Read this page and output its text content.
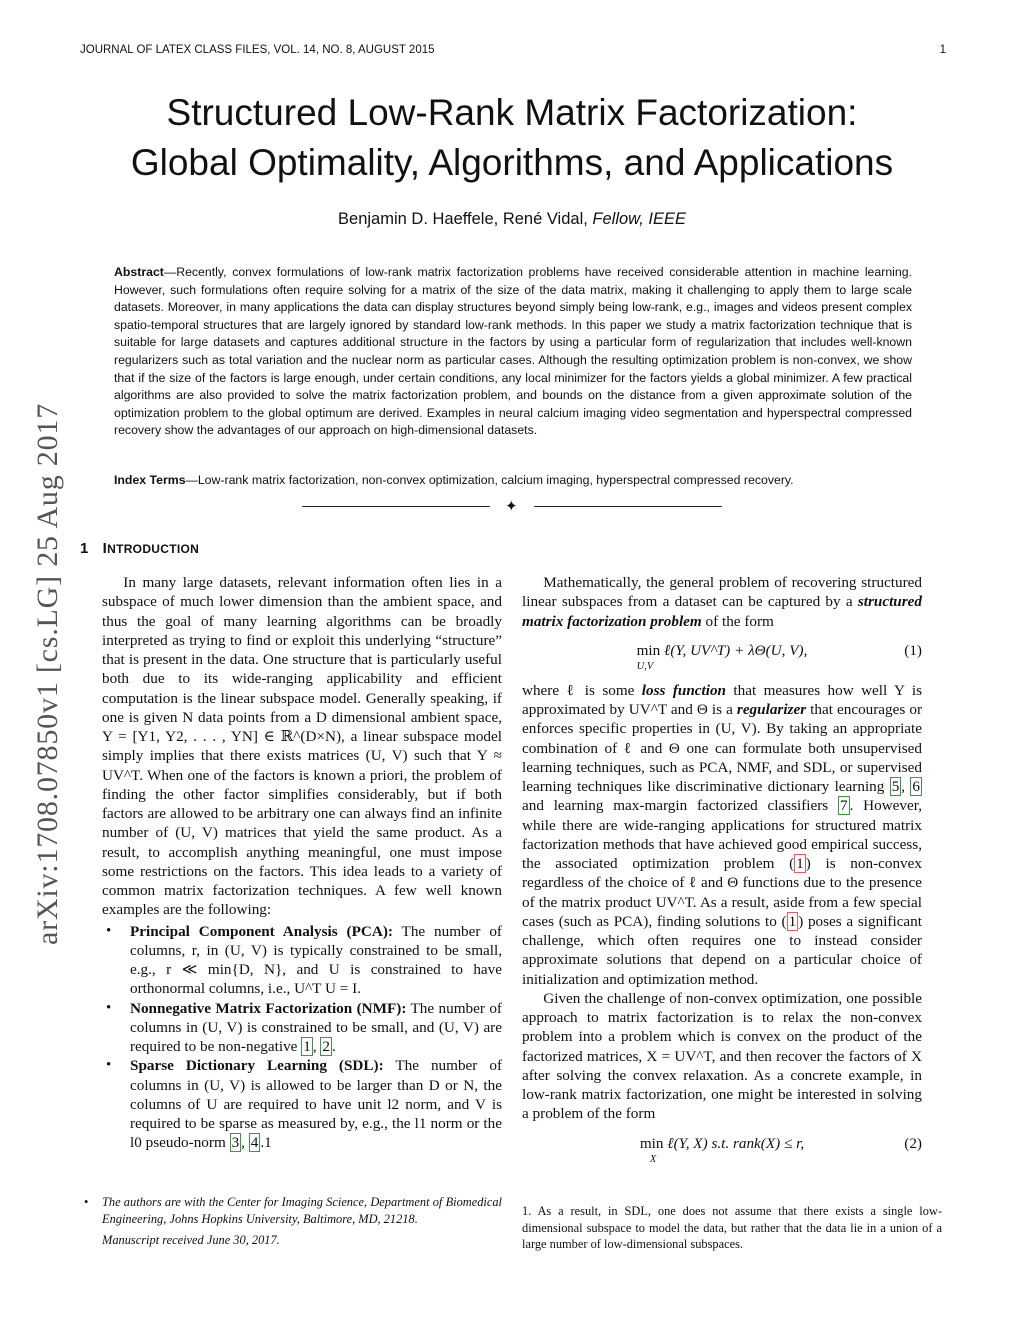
JOURNAL OF LATEX CLASS FILES, VOL. 14, NO. 8, AUGUST 2015	1
Structured Low-Rank Matrix Factorization:
Global Optimality, Algorithms, and Applications
Benjamin D. Haeffele, René Vidal, Fellow, IEEE

Abstract—Recently, convex formulations of low-rank matrix factorization problems have received considerable attention in machine learning. However, such formulations often require solving for a matrix of the size of the data matrix, making it challenging to apply them to large scale datasets. Moreover, in many applications the data can display structures beyond simply being low-rank, e.g., images and videos present complex spatio-temporal structures that are largely ignored by standard low-rank methods. In this paper we study a matrix factorization technique that is suitable for large datasets and captures additional structure in the factors by using a particular form of regularization that includes well-known regularizers such as total variation and the nuclear norm as particular cases. Although the resulting optimization problem is non-convex, we show that if the size of the factors is large enough, under certain conditions, any local minimizer for the factors yields a global minimizer. A few practical algorithms are also provided to solve the matrix factorization problem, and bounds on the distance from a given approximate solution of the optimization problem to the global optimum are derived. Examples in neural calcium imaging video segmentation and hyperspectral compressed recovery show the advantages of our approach on high-dimensional datasets.

Index Terms—Low-rank matrix factorization, non-convex optimization, calcium imaging, hyperspectral compressed recovery.

✦
arXiv:1708.07850v1 [cs.LG] 25 Aug 2017 1 INTRODUCTION

In many large datasets, relevant information often lies in a subspace of much lower dimension than the ambient space, and thus the goal of many learning algorithms can be broadly interpreted as trying to find or exploit this underlying “structure” that is present in the data. One structure that is particularly useful both due to its wide-ranging applicability and efficient computation is the linear subspace model. Generally speaking, if one is given N data points from a D dimensional ambient space, Y = [Y1, Y2, . . . , YN] ∈ ℝ^(D×N), a linear subspace model simply implies that there exists matrices (U, V) such that Y ≈ UV^T. When one of the factors is known a priori, the problem of finding the other factor simplifies considerably, but if both factors are allowed to be arbitrary one can always find an infinite number of (U, V) matrices that yield the same product. As a result, to accomplish anything meaningful, one must impose some restrictions on the factors. This idea leads to a variety of common matrix factorization techniques. A few well known examples are the following:

• Principal Component Analysis (PCA): The number of columns, r, in (U, V) is typically constrained to be small, e.g., r ≪ min{D, N}, and U is constrained to have orthonormal columns, i.e., U^T U = I.
• Nonnegative Matrix Factorization (NMF): The number of columns in (U, V) is constrained to be small, and (U, V) are required to be non-negative 1 , 2 .
• Sparse Dictionary Learning (SDL): The number of columns in (U, V) is allowed to be larger than D or N, the columns of U are required to have unit l2 norm, and V is required to be sparse as measured by, e.g., the l1 norm or the l0 pseudo-norm 3 , 4 .1
• The authors are with the Center for Imaging Science, Department of Biomedical Engineering, Johns Hopkins University, Baltimore, MD, 21218.
Manuscript received June 30, 2017.

Mathematically, the general problem of recovering structured linear subspaces from a dataset can be captured by a structured matrix factorization problem of the form

min
U,V
ℓ(Y, UV^T) + λΘ(U, V),	(1)

where ℓ is some loss function that measures how well Y is approximated by UV^T and Θ is a regularizer that encourages or enforces specific properties in (U, V). By taking an appropriate combination of ℓ and Θ one can formulate both unsupervised learning techniques, such as PCA, NMF, and SDL, or supervised learning techniques like discriminative dictionary learning 5 , 6 and learning max-margin factorized classifiers 7 . However, while there are wide-ranging applications for structured matrix factorization methods that have achieved good empirical success, the associated optimization problem ( 1 ) is non-convex regardless of the choice of ℓ and Θ functions due to the presence of the matrix product UV^T. As a result, aside from a few special cases (such as PCA), finding solutions to ( 1 ) poses a significant challenge, which often requires one to instead consider approximate solutions that depend on a particular choice of initialization and optimization method.

Given the challenge of non-convex optimization, one possible approach to matrix factorization is to relax the non-convex problem into a problem which is convex on the product of the factorized matrices, X = UV^T, and then recover the factors of X after solving the convex relaxation. As a concrete example, in low-rank matrix factorization, one might be interested in solving a problem of the form

min
X
ℓ(Y, X) s.t. rank(X) ≤ r,	(2)

1. As a result, in SDL, one does not assume that there exists a single low-dimensional subspace to model the data, but rather that the data lie in a union of a large number of low-dimensional subspaces.
